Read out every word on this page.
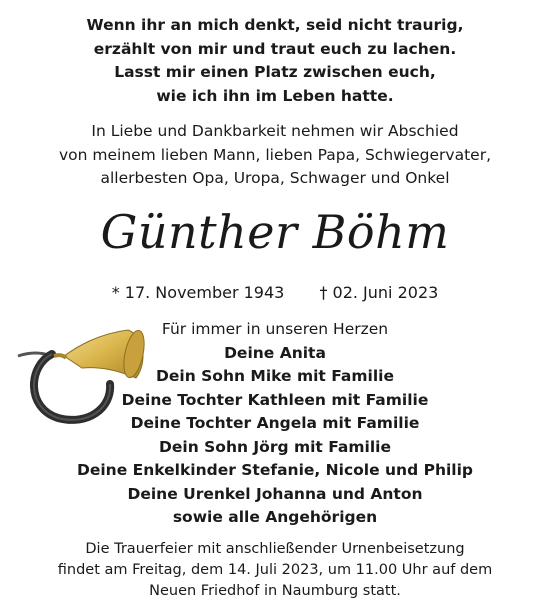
Wenn ihr an mich denkt, seid nicht traurig,
erzählt von mir und traut euch zu lachen.
Lasst mir einen Platz zwischen euch,
wie ich ihn im Leben hatte.
In Liebe und Dankbarkeit nehmen wir Abschied
von meinem lieben Mann, lieben Papa, Schwiegervater,
allerbesten Opa, Uropa, Schwager und Onkel
Günther Böhm
* 17. November 1943 † 02. Juni 2023
Für immer in unseren Herzen
Deine Anita
Dein Sohn Mike mit Familie
Deine Tochter Kathleen mit Familie
Deine Tochter Angela mit Familie
Dein Sohn Jörg mit Familie
Deine Enkelkinder Stefanie, Nicole und Philip
Deine Urenkel Johanna und Anton
sowie alle Angehörigen
Die Trauerfeier mit anschließender Urnenbeisetzung
findet am Freitag, dem 14. Juli 2023, um 11.00 Uhr auf dem
Neuen Friedhof in Naumburg statt.
